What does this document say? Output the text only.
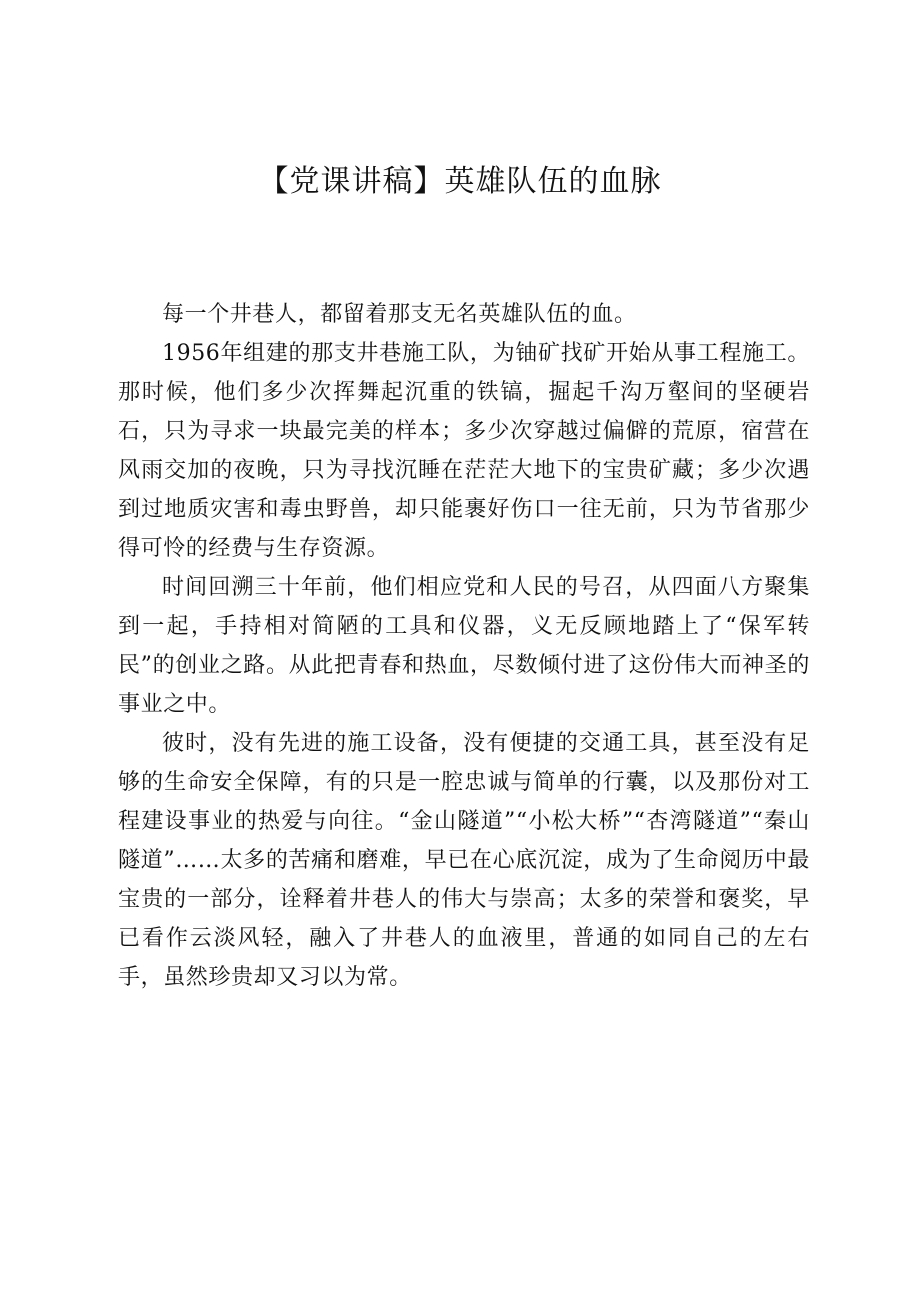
【党课讲稿】英雄队伍的血脉

每一个井巷人，都留着那支无名英雄队伍的血。

1956年组建的那支井巷施工队，为铀矿找矿开始从事工程施工。那时候，他们多少次挥舞起沉重的铁镐，掘起千沟万壑间的坚硬岩石，只为寻求一块最完美的样本；多少次穿越过偏僻的荒原，宿营在风雨交加的夜晚，只为寻找沉睡在茫茫大地下的宝贵矿藏；多少次遇到过地质灾害和毒虫野兽，却只能裹好伤口一往无前，只为节省那少得可怜的经费与生存资源。

时间回溯三十年前，他们相应党和人民的号召，从四面八方聚集到一起，手持相对简陋的工具和仪器，义无反顾地踏上了“保军转民”的创业之路。从此把青春和热血，尽数倾付进了这份伟大而神圣的事业之中。

彼时，没有先进的施工设备，没有便捷的交通工具，甚至没有足够的生命安全保障，有的只是一腔忠诚与简单的行囊，以及那份对工程建设事业的热爱与向往。“金山隧道”“小松大桥”“杏湾隧道”“秦山隧道”……太多的苦痛和磨难，早已在心底沉淀，成为了生命阅历中最宝贵的一部分，诠释着井巷人的伟大与崇高；太多的荣誉和褒奖，早已看作云淡风轻，融入了井巷人的血液里，普通的如同自己的左右手，虽然珍贵却又习以为常。
